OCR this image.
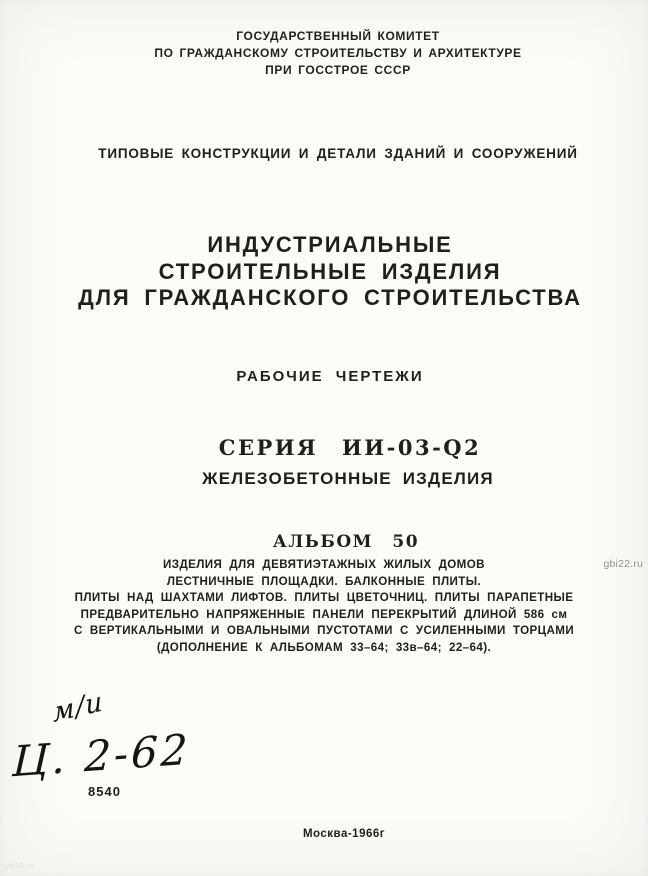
ГОСУДАРСТВЕННЫЙ КОМИТЕТ
ПО ГРАЖДАНСКОМУ СТРОИТЕЛЬСТВУ И АРХИТЕКТУРЕ
ПРИ ГОССТРОЕ СССР
ТИПОВЫЕ КОНСТРУКЦИИ И ДЕТАЛИ ЗДАНИЙ И СООРУЖЕНИЙ
ИНДУСТРИАЛЬНЫЕ
СТРОИТЕЛЬНЫЕ ИЗДЕЛИЯ
ДЛЯ ГРАЖДАНСКОГО СТРОИТЕЛЬСТВА
РАБОЧИЕ ЧЕРТЕЖИ
СЕРИЯ ИИ-03-Q2
ЖЕЛЕЗОБЕТОННЫЕ ИЗДЕЛИЯ
АЛЬБОМ 50
ИЗДЕЛИЯ ДЛЯ ДЕВЯТИЭТАЖНЫХ ЖИЛЫХ ДОМОВ
ЛЕСТНИЧНЫЕ ПЛОЩАДКИ. БАЛКОННЫЕ ПЛИТЫ.
ПЛИТЫ НАД ШАХТАМИ ЛИФТОВ. ПЛИТЫ ЦВЕТОЧНИЦ. ПЛИТЫ ПАРАПЕТНЫЕ
ПРЕДВАРИТЕЛЬНО НАПРЯЖЕННЫЕ ПАНЕЛИ ПЕРЕКРЫТИЙ ДЛИНОЙ 586 см
С ВЕРТИКАЛЬНЫМИ И ОВАЛЬНЫМИ ПУСТОТАМИ С УСИЛЕННЫМИ ТОРЦАМИ
(ДОПОЛНЕНИЕ К АЛЬБОМАМ 33–64; 33в–64; 22–64).
gbi22.ru
м/и
Ц. 2-62
8540
Москва-1966г
gbi22.ru
